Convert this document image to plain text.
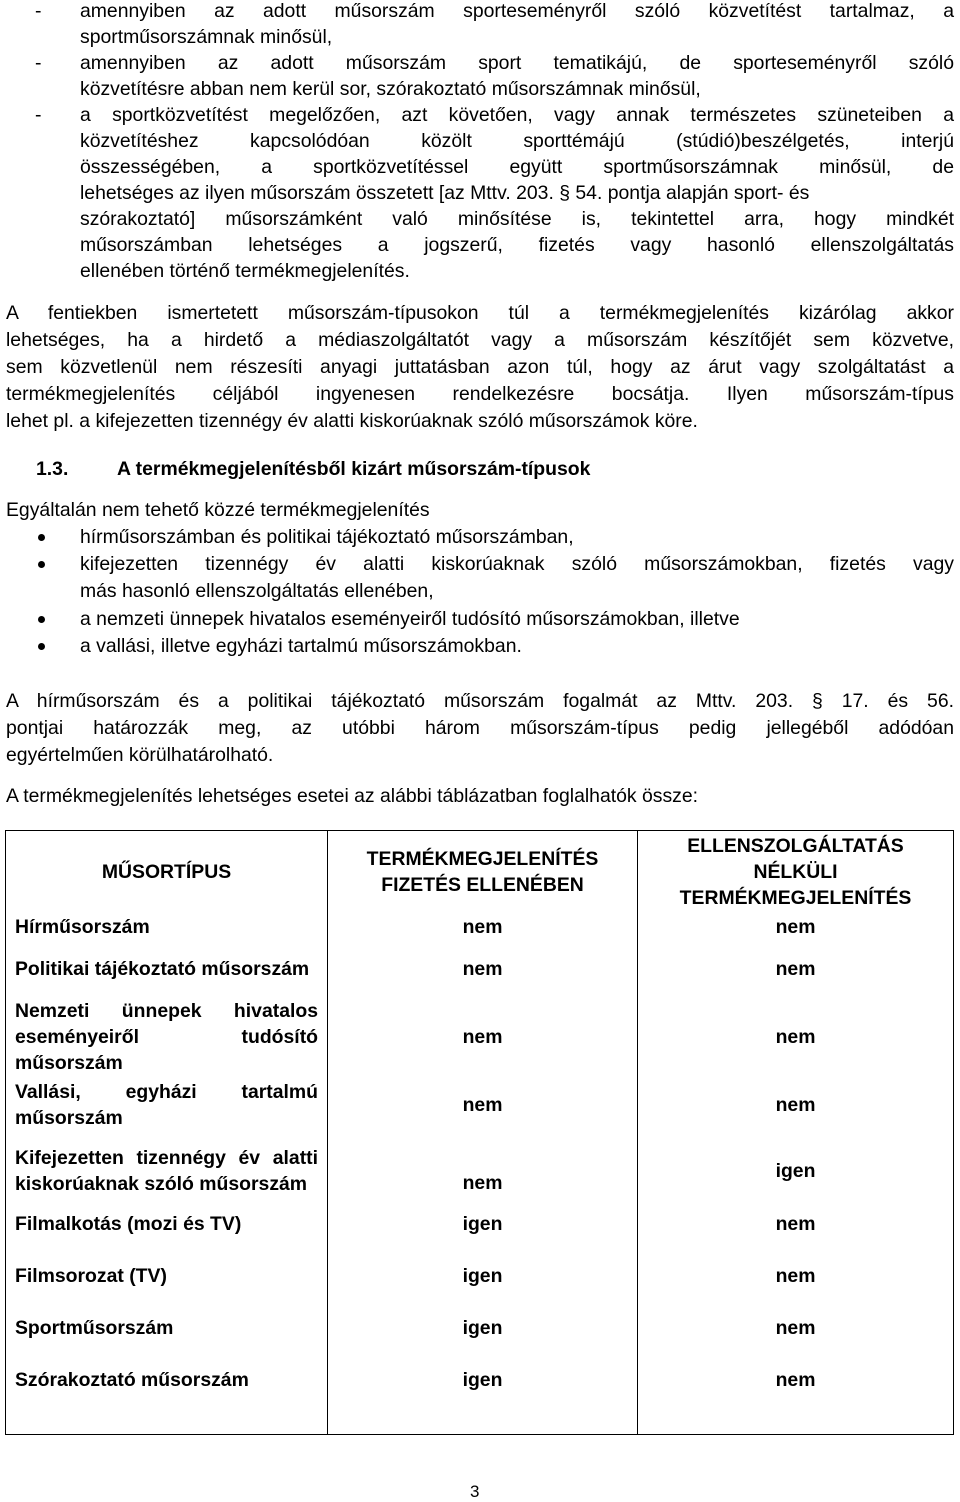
- amennyiben az adott műsorszám sporteseményről szóló közvetítést tartalmaz, a
sportműsorszámnak minősül,
- amennyiben az adott műsorszám sport tematikájú, de sporteseményről szóló
közvetítésre abban nem kerül sor, szórakoztató műsorszámnak minősül,
- a sportközvetítést megelőzően, azt követően, vagy annak természetes szüneteiben a
közvetítéshez kapcsolódóan közölt sporttémájú (stúdió)beszélgetés, interjú
összességében, a sportközvetítéssel együtt sportműsorszámnak minősül, de
lehetséges az ilyen műsorszám összetett [az Mttv. 203. § 54. pontja alapján sport- és
szórakoztató] műsorszámként való minősítése is, tekintettel arra, hogy mindkét
műsorszámban lehetséges a jogszerű, fizetés vagy hasonló ellenszolgáltatás
ellenében történő termékmegjelenítés.
A fentiekben ismertetett műsorszám-típusokon túl a termékmegjelenítés kizárólag akkor
lehetséges, ha a hirdető a médiaszolgáltatót vagy a műsorszám készítőjét sem közvetve,
sem közvetlenül nem részesíti anyagi juttatásban azon túl, hogy az árut vagy szolgáltatást a
termékmegjelenítés céljából ingyenesen rendelkezésre bocsátja. Ilyen műsorszám-típus
lehet pl. a kifejezetten tizennégy év alatti kiskorúaknak szóló műsorszámok köre.
1.3.	A termékmegjelenítésből kizárt műsorszám-típusok
Egyáltalán nem tehető közzé termékmegjelenítés
hírműsorszámban és politikai tájékoztató műsorszámban,
kifejezetten tizennégy év alatti kiskorúaknak szóló műsorszámokban, fizetés vagy
más hasonló ellenszolgáltatás ellenében,
a nemzeti ünnepek hivatalos eseményeiről tudósító műsorszámokban, illetve
a vallási, illetve egyházi tartalmú műsorszámokban.
A hírműsorszám és a politikai tájékoztató műsorszám fogalmát az Mttv. 203. § 17. és 56.
pontjai határozzák meg, az utóbbi három műsorszám-típus pedig jellegéből adódóan
egyértelműen körülhatárolható.
A termékmegjelenítés lehetséges esetei az alábbi táblázatban foglalhatók össze:
MŰSORTÍPUS	TERMÉKMEGJELENÍTÉS FIZETÉS ELLENÉBEN	ELLENSZOLGÁLTATÁS NÉLKÜLI TERMÉKMEGJELENÍTÉS
Hírműsorszám	nem	nem
Politikai tájékoztató műsorszám	nem	nem
Nemzeti ünnepek hivatalos eseményeiről tudósító műsorszám	nem	nem
Vallási, egyházi tartalmú műsorszám	nem	nem
Kifejezetten tizennégy év alatti kiskorúaknak szóló műsorszám	nem	igen
Filmalkotás (mozi és TV)	igen	nem
Filmsorozat (TV)	igen	nem
Sportműsorszám	igen	nem
Szórakoztató műsorszám	igen	nem
3
